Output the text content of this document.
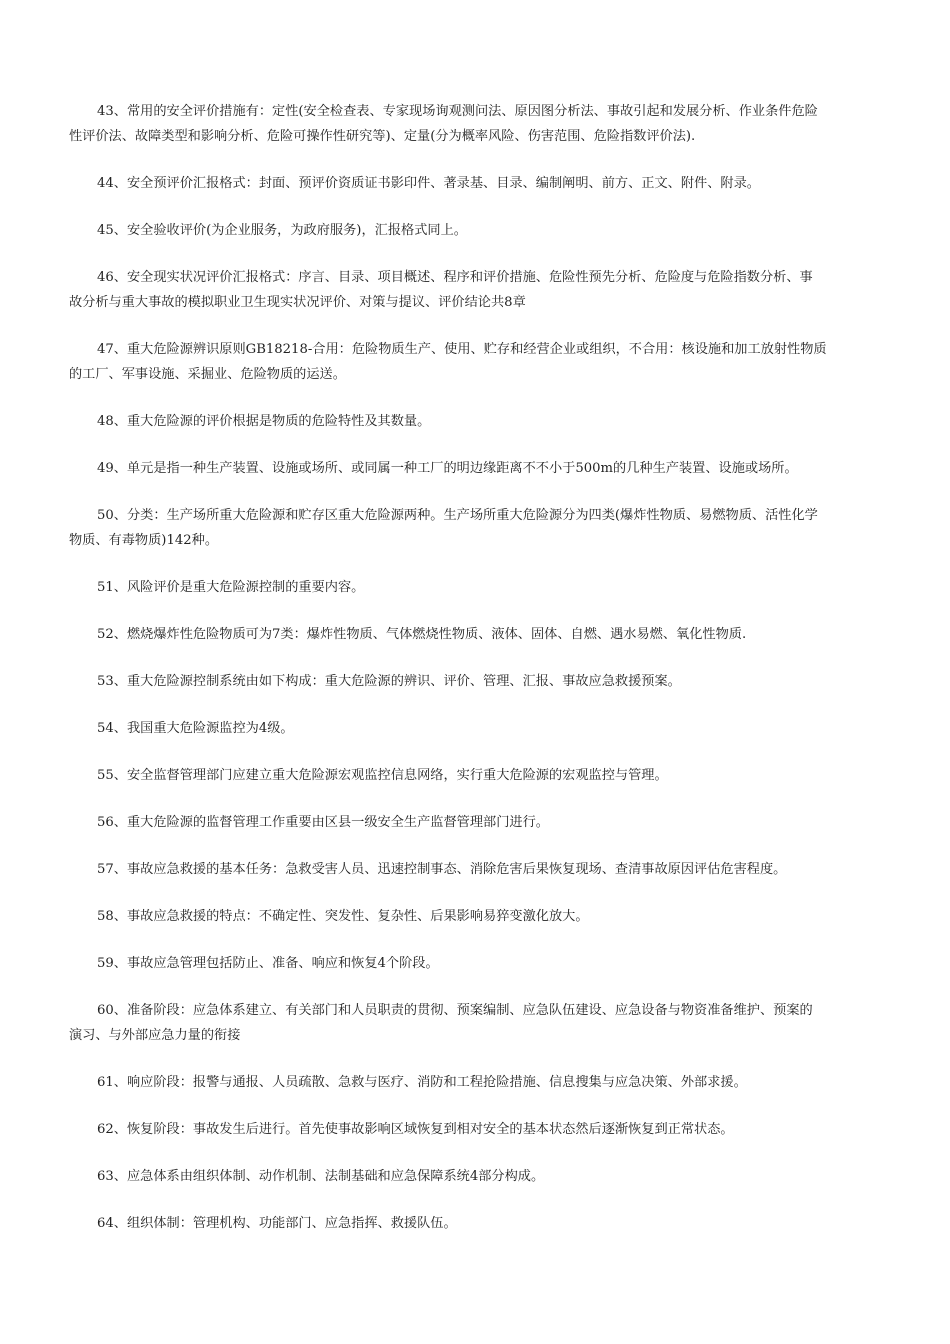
43、常用的安全评价措施有：定性(安全检查表、专家现场询观测问法、原因图分析法、事故引起和发展分析、作业条件危险
性评价法、故障类型和影响分析、危险可操作性研究等)、定量(分为概率风险、伤害范围、危险指数评价法).
44、安全预评价汇报格式：封面、预评价资质证书影印件、著录基、目录、编制阐明、前方、正文、附件、附录。
45、安全验收评价(为企业服务，为政府服务)，汇报格式同上。
46、安全现实状况评价汇报格式：序言、目录、项目概述、程序和评价措施、危险性预先分析、危险度与危险指数分析、事
故分析与重大事故的模拟职业卫生现实状况评价、对策与提议、评价结论共8章
47、重大危险源辨识原则GB18218-合用：危险物质生产、使用、贮存和经营企业或组织，不合用：核设施和加工放射性物质
的工厂、军事设施、采掘业、危险物质的运送。
48、重大危险源的评价根据是物质的危险特性及其数量。
49、单元是指一种生产装置、设施或场所、或同属一种工厂的明边缘距离不不小于500m的几种生产装置、设施或场所。
50、分类：生产场所重大危险源和贮存区重大危险源两种。生产场所重大危险源分为四类(爆炸性物质、易燃物质、活性化学
物质、有毒物质)142种。
51、风险评价是重大危险源控制的重要内容。
52、燃烧爆炸性危险物质可为7类：爆炸性物质、气体燃烧性物质、液体、固体、自燃、遇水易燃、氧化性物质.
53、重大危险源控制系统由如下构成：重大危险源的辨识、评价、管理、汇报、事故应急救援预案。
54、我国重大危险源监控为4级。
55、安全监督管理部门应建立重大危险源宏观监控信息网络，实行重大危险源的宏观监控与管理。
56、重大危险源的监督管理工作重要由区县一级安全生产监督管理部门进行。
57、事故应急救援的基本任务：急救受害人员、迅速控制事态、消除危害后果恢复现场、查清事故原因评估危害程度。
58、事故应急救援的特点：不确定性、突发性、复杂性、后果影响易猝变激化放大。
59、事故应急管理包括防止、准备、响应和恢复4个阶段。
60、准备阶段：应急体系建立、有关部门和人员职责的贯彻、预案编制、应急队伍建设、应急设备与物资准备维护、预案的
演习、与外部应急力量的衔接
61、响应阶段：报警与通报、人员疏散、急救与医疗、消防和工程抢险措施、信息搜集与应急决策、外部求援。
62、恢复阶段：事故发生后进行。首先使事故影响区域恢复到相对安全的基本状态然后逐渐恢复到正常状态。
63、应急体系由组织体制、动作机制、法制基础和应急保障系统4部分构成。
64、组织体制：管理机构、功能部门、应急指挥、救援队伍。
